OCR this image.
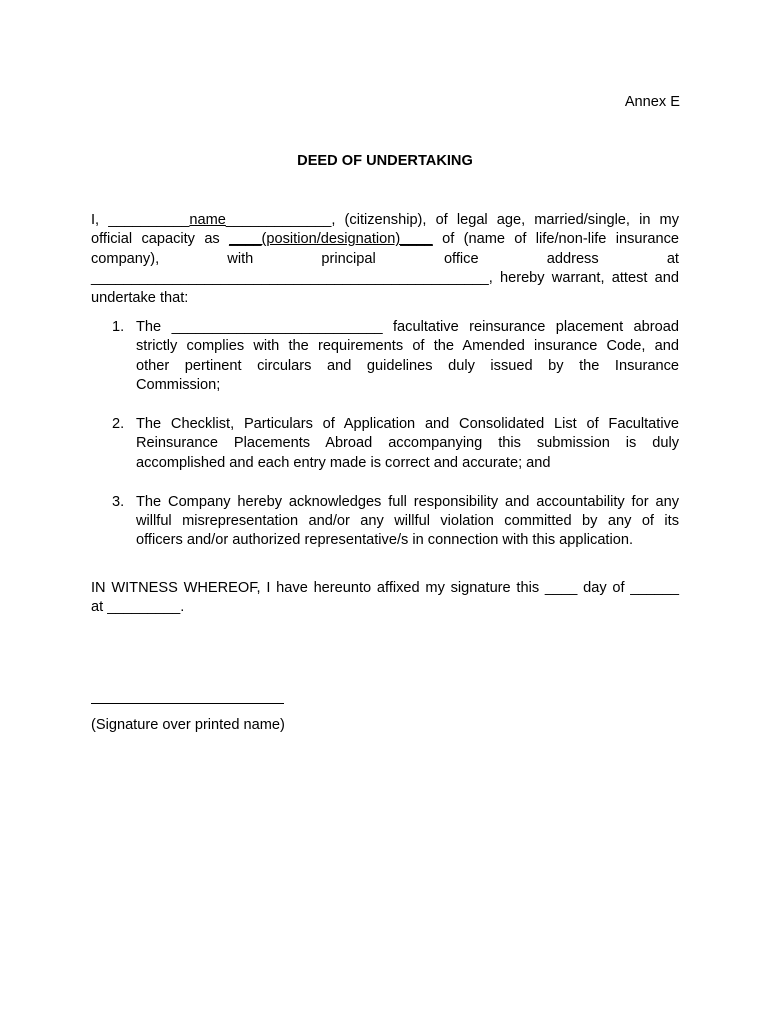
Annex E
DEED OF UNDERTAKING
I, __________name_____________, (citizenship), of legal age, married/single, in my
official capacity as ____(position/designation)____ of (name of life/non-life insurance
company), with principal office address at
_________________________________________________, hereby warrant, attest and
undertake that:
1. The __________________________ facultative reinsurance placement abroad
strictly complies with the requirements of the Amended insurance Code, and
other pertinent circulars and guidelines duly issued by the Insurance
Commission;
2. The Checklist, Particulars of Application and Consolidated List of Facultative
Reinsurance Placements Abroad accompanying this submission is duly
accomplished and each entry made is correct and accurate; and
3. The Company hereby acknowledges full responsibility and accountability for any
willful misrepresentation and/or any willful violation committed by any of its
officers and/or authorized representative/s in connection with this application.
IN WITNESS WHEREOF, I have hereunto affixed my signature this ____ day of ______
at _________.
(Signature over printed name)
